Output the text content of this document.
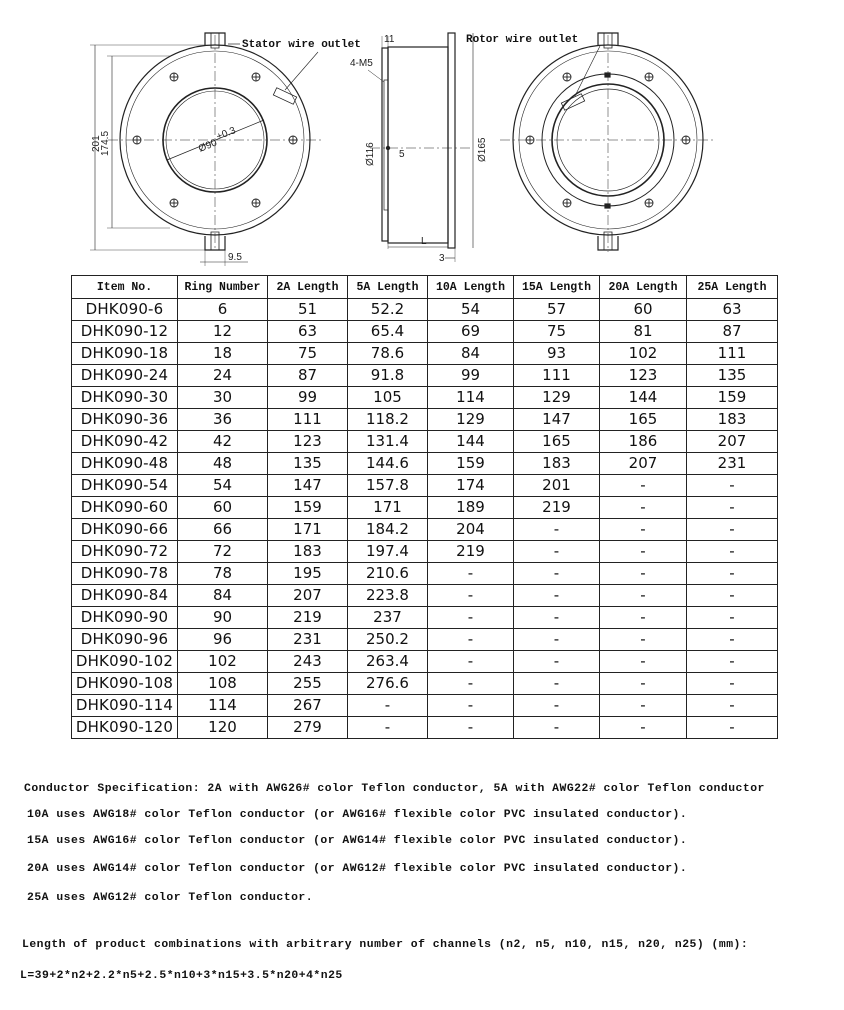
Stator wire outlet
201
174.5	Ø90
+0.3
9.5
11
4-M5
Ø116 5	Ø165
L
3
Rotor wire outlet
Item No.	Ring Number	2A Length	5A Length	10A Length	15A Length	20A Length	25A Length
DHK090-6	6	51	52.2	54	57	60	63
DHK090-12	12	63	65.4	69	75	81	87
DHK090-18	18	75	78.6	84	93	102	111
DHK090-24	24	87	91.8	99	111	123	135
DHK090-30	30	99	105	114	129	144	159
DHK090-36	36	111	118.2	129	147	165	183
DHK090-42	42	123	131.4	144	165	186	207
DHK090-48	48	135	144.6	159	183	207	231
DHK090-54	54	147	157.8	174	201	-	-
DHK090-60	60	159	171	189	219	-	-
DHK090-66	66	171	184.2	204	-	-	-
DHK090-72	72	183	197.4	219	-	-	-
DHK090-78	78	195	210.6	-	-	-	-
DHK090-84	84	207	223.8	-	-	-	-
DHK090-90	90	219	237	-	-	-	-
DHK090-96	96	231	250.2	-	-	-	-
DHK090-102	102	243	263.4	-	-	-	-
DHK090-108	108	255	276.6	-	-	-	-
DHK090-114	114	267	-	-	-	-	-
DHK090-120	120	279	-	-	-	-	-
Conductor Specification: 2A with AWG26# color Teflon conductor, 5A with AWG22# color Teflon conductor
10A uses AWG18# color Teflon conductor (or AWG16# flexible color PVC insulated conductor).
15A uses AWG16# color Teflon conductor (or AWG14# flexible color PVC insulated conductor).
20A uses AWG14# color Teflon conductor (or AWG12# flexible color PVC insulated conductor).
25A uses AWG12# color Teflon conductor.
Length of product combinations with arbitrary number of channels (n2, n5, n10, n15, n20, n25) (mm):
L=39+2*n2+2.2*n5+2.5*n10+3*n15+3.5*n20+4*n25
